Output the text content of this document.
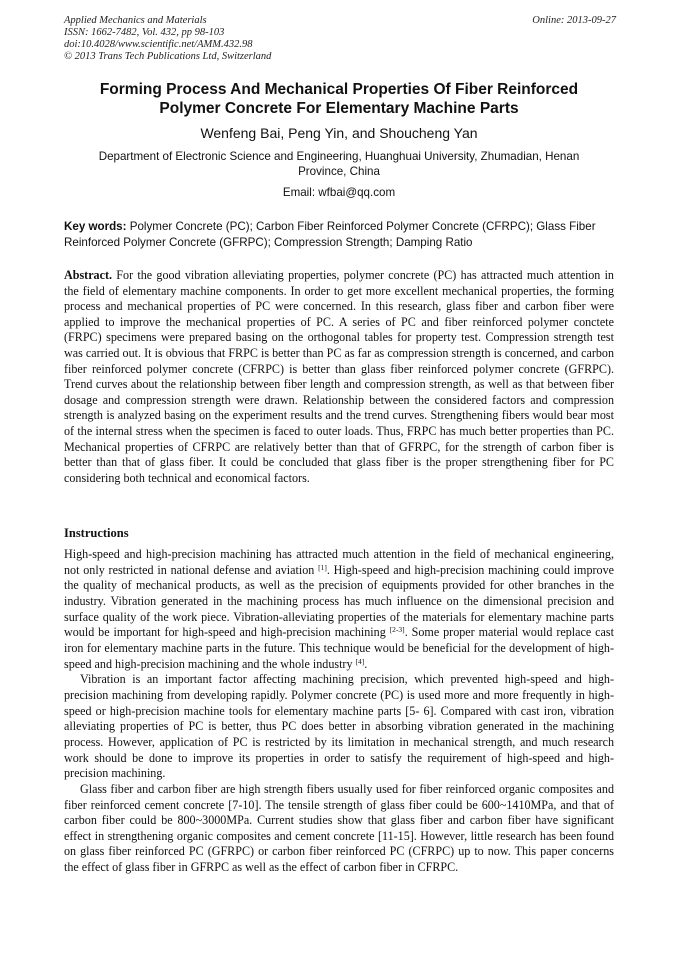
Applied Mechanics and Materials
ISSN: 1662-7482, Vol. 432, pp 98-103
doi:10.4028/www.scientific.net/AMM.432.98
© 2013 Trans Tech Publications Ltd, Switzerland
Online: 2013-09-27
Forming Process And Mechanical Properties Of Fiber Reinforced
Polymer Concrete For Elementary Machine Parts
Wenfeng Bai, Peng Yin, and Shoucheng Yan
Department of Electronic Science and Engineering, Huanghuai University, Zhumadian, Henan
Province, China
Email: wfbai@qq.com
Key words: Polymer Concrete (PC); Carbon Fiber Reinforced Polymer Concrete (CFRPC); Glass Fiber Reinforced Polymer Concrete (GFRPC); Compression Strength; Damping Ratio
Abstract. For the good vibration alleviating properties, polymer concrete (PC) has attracted much attention in the field of elementary machine components. In order to get more excellent mechanical properties, the forming process and mechanical properties of PC were concerned. In this research, glass fiber and carbon fiber were applied to improve the mechanical properties of PC. A series of PC and fiber reinforced polymer conctete (FRPC) specimens were prepared basing on the orthogonal tables for property test. Compression strength test was carried out. It is obvious that FRPC is better than PC as far as compression strength is concerned, and carbon fiber reinforced polymer concrete (CFRPC) is better than glass fiber reinforced polymer concrete (GFRPC). Trend curves about the relationship between fiber length and compression strength, as well as that between fiber dosage and compression strength were drawn. Relationship between the considered factors and compression strength is analyzed basing on the experiment results and the trend curves. Strengthening fibers would bear most of the internal stress when the specimen is faced to outer loads. Thus, FRPC has much better properties than PC. Mechanical properties of CFRPC are relatively better than that of GFRPC, for the strength of carbon fiber is better than that of glass fiber. It could be concluded that glass fiber is the proper strengthening fiber for PC considering both technical and economical factors.
Instructions

High-speed and high-precision machining has attracted much attention in the field of mechanical engineering, not only restricted in national defense and aviation [1]. High-speed and high-precision machining could improve the quality of mechanical products, as well as the precision of equipments provided for other branches in the industry. Vibration generated in the machining process has much influence on the dimensional precision and surface quality of the work piece. Vibration-alleviating properties of the materials for elementary machine parts would be important for high-speed and high-precision machining [2-3]. Some proper material would replace cast iron for elementary machine parts in the future. This technique would be beneficial for the development of high-speed and high-precision machining and the whole industry [4].

Vibration is an important factor affecting machining precision, which prevented high-speed and high-precision machining from developing rapidly. Polymer concrete (PC) is used more and more frequently in high-speed or high-precision machine tools for elementary machine parts [5- 6]. Compared with cast iron, vibration alleviating properties of PC is better, thus PC does better in absorbing vibration generated in the machining process. However, application of PC is restricted by its limitation in mechanical strength, and much research work should be done to improve its properties in order to satisfy the requirement of high-speed and high-precision machining.

Glass fiber and carbon fiber are high strength fibers usually used for fiber reinforced organic composites and fiber reinforced cement concrete [7-10]. The tensile strength of glass fiber could be 600~1410MPa, and that of carbon fiber could be 800~3000MPa. Current studies show that glass fiber and carbon fiber have significant effect in strengthening organic composites and cement concrete [11-15]. However, little research has been found on glass fiber reinforced PC (GFRPC) or carbon fiber reinforced PC (CFRPC) up to now. This paper concerns the effect of glass fiber in GFRPC as well as the effect of carbon fiber in CFRPC.
